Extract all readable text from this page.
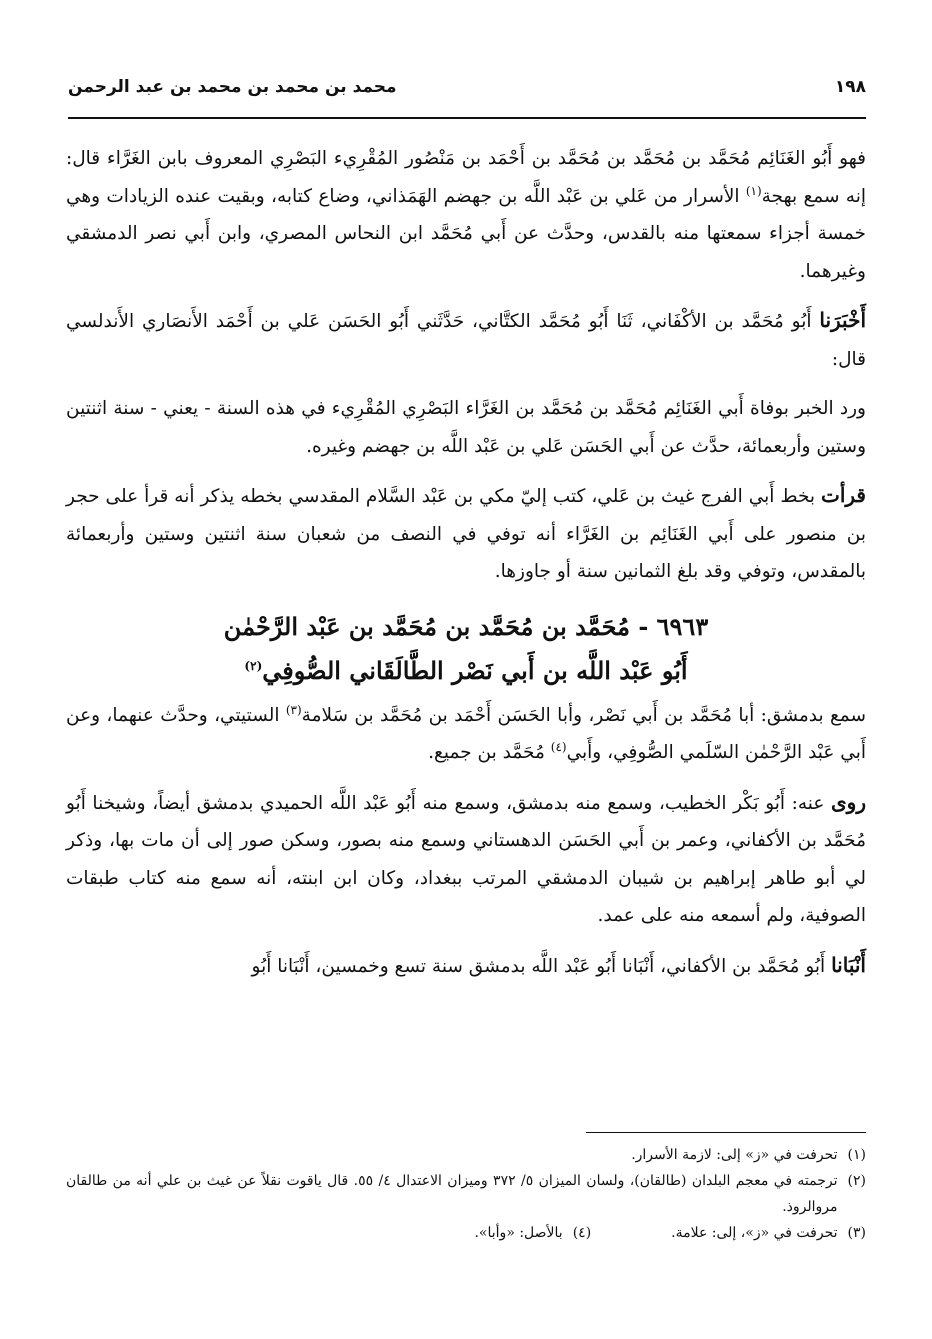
١٩٨
محمد بن محمد بن محمد بن عبد الرحمن

فهو أَبُو الغَنَائِم مُحَمَّد بن مُحَمَّد بن مُحَمَّد بن أَحْمَد بن مَنْصُور المُقْرِيء البَصْرِي المعروف بابن الغَرَّاء قال: إنه سمع بهجة$^{(١)}$ الأسرار من عَلي بن عَبْد اللَّه بن جهضم الهَمَذاني، وضاع كتابه، وبقيت عنده الزيادات وهي خمسة أجزاء سمعتها منه بالقدس، وحدَّث عن أَبي مُحَمَّد ابن النحاس المصري، وابن أَبي نصر الدمشقي وغيرهما.

أَخْبَرَنا أَبُو مُحَمَّد بن الأكْفَاني، ثَنَا أَبُو مُحَمَّد الكتَّاني، حَدَّثَني أَبُو الحَسَن عَلي بن أَحْمَد الأَنصَاري الأَندلسي قال:

ورد الخبر بوفاة أَبي الغَنَائِم مُحَمَّد بن مُحَمَّد بن الغَرَّاء البَصْرِي المُقْرِيء في هذه السنة - يعني - سنة اثنتين وستين وأربعمائة، حدَّث عن أَبي الحَسَن عَلي بن عَبْد اللَّه بن جهضم وغيره.

قرأت بخط أَبي الفرج غيث بن عَلي، كتب إليّ مكي بن عَبْد السَّلام المقدسي بخطه يذكر أنه قرأ على حجر بن منصور على أَبي الغَنَائِم بن الغَرَّاء أنه توفي في النصف من شعبان سنة اثنتين وستين وأربعمائة بالمقدس، وتوفي وقد بلغ الثمانين سنة أو جاوزها.

٦٩٦٣ - مُحَمَّد بن مُحَمَّد بن مُحَمَّد بن عَبْد الرَّحْمٰن
أَبُو عَبْد اللَّه بن أَبي نَصْر الطَّالَقَاني الصُّوفِي$^{(٢)}$

سمع بدمشق: أبا مُحَمَّد بن أَبي نَصْر، وأبا الحَسَن أَحْمَد بن مُحَمَّد بن سَلامة$^{(٣)}$ الستيتي، وحدَّث عنهما، وعن أَبي عَبْد الرَّحْمٰن السّلَمي الصُّوفِي، وأَبي$^{(٤)}$ مُحَمَّد بن جميع.

روى عنه: أَبُو بَكْر الخطيب، وسمع منه بدمشق، وسمع منه أَبُو عَبْد اللَّه الحميدي بدمشق أيضاً، وشيخنا أَبُو مُحَمَّد بن الأكفاني، وعمر بن أَبي الحَسَن الدهستاني وسمع منه بصور، وسكن صور إلى أن مات بها، وذكر لي أبو طاهر إبراهيم بن شيبان الدمشقي المرتب ببغداد، وكان ابن ابنته، أنه سمع منه كتاب طبقات الصوفية، ولم أسمعه منه على عمد.

أَنْبَانا أَبُو مُحَمَّد بن الأكفاني، أَنْبَانا أَبُو عَبْد اللَّه بدمشق سنة تسع وخمسين، أَنْبَانا أَبُو

(١)
تحرفت في «ز» إلى: لازمة الأسرار.
(٢)
ترجمته في معجم البلدان (طالقان)، ولسان الميزان ٥/ ٣٧٢ وميزان الاعتدال ٤/ ٥٥. قال ياقوت نقلاً عن غيث بن علي أنه من طالقان مروالروذ.
(٣)
تحرفت في «ز»، إلى: علامة.
(٤)
بالأصل: «وأبا».
